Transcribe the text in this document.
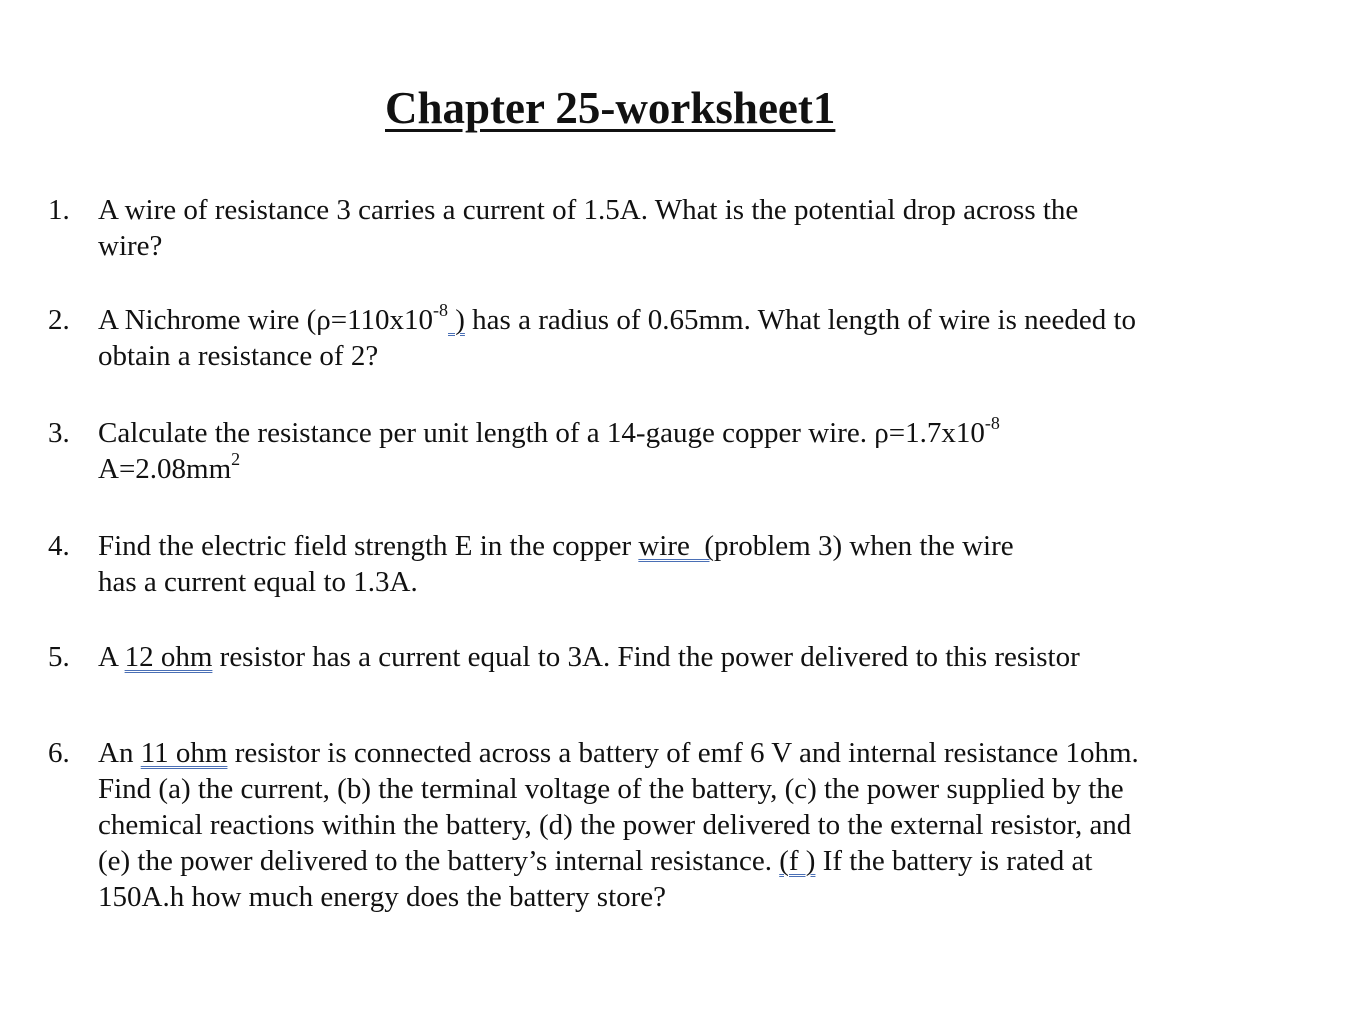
Chapter 25-worksheet1
1. A wire of resistance 3 carries a current of 1.5A. What is the potential drop across the
wire?
2. A Nichrome wire ($\rho=110x10^{-8}$ ) has a radius of 0.65mm. What length of wire is needed to
obtain a resistance of 2?
3. Calculate the resistance per unit length of a 14-gauge copper wire. $\rho=1.7x10^{-8}$
$A=2.08mm^2$
4. Find the electric field strength E in the copper wire  (problem 3) when the wire
has a current equal to 1.3A.
5. A 12 ohm resistor has a current equal to 3A. Find the power delivered to this resistor
6. An 11 ohm resistor is connected across a battery of emf 6 V and internal resistance 1ohm.
Find (a) the current, (b) the terminal voltage of the battery, (c) the power supplied by the
chemical reactions within the battery, (d) the power delivered to the external resistor, and
(e) the power delivered to the battery’s internal resistance. (f ) If the battery is rated at
150A.h how much energy does the battery store?
